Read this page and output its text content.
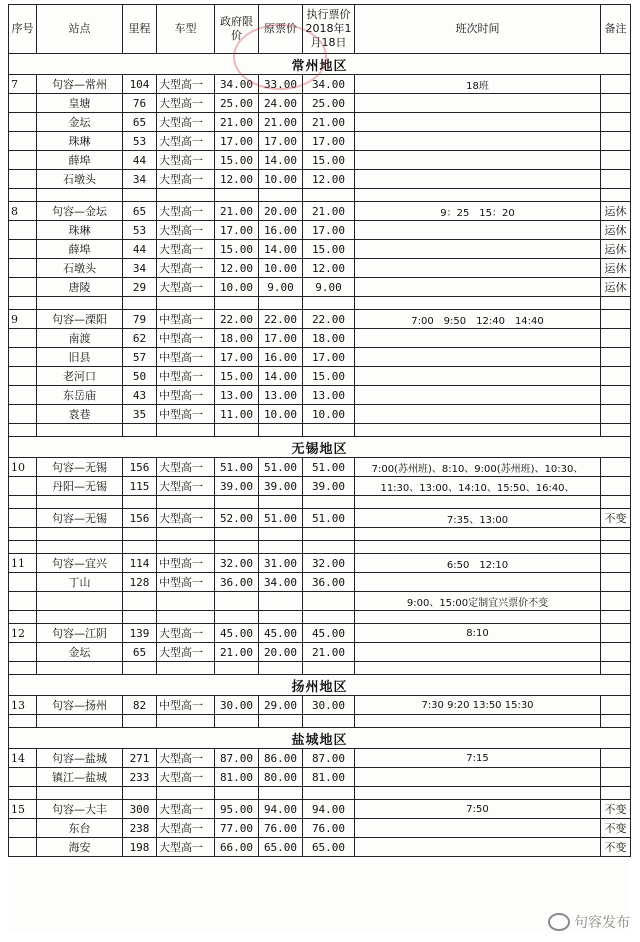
序号	站点	里程	车型	政府限价	原票价	执行票价2018年1月18日	班次时间	备注
常州地区								
7	句容—常州	104	大型高一	34.00	33.00	34.00	18班	
	皇塘	76	大型高一	25.00	24.00	25.00		
	金坛	65	大型高一	21.00	21.00	21.00		
	珠琳	53	大型高一	17.00	17.00	17.00		
	薛埠	44	大型高一	15.00	14.00	15.00		
	石墩头	34	大型高一	12.00	10.00	12.00		

8	句容—金坛	65	大型高一	21.00	20.00	21.00	9：25　15：20	运休
	珠琳	53	大型高一	17.00	16.00	17.00		运休
	薛埠	44	大型高一	15.00	14.00	15.00		运休
	石墩头	34	大型高一	12.00	10.00	12.00		运休
	唐陵	29	大型高一	10.00	9.00	9.00		运休

9	句容—溧阳	79	中型高一	22.00	22.00	22.00	7:00　9:50　12:40　14:40	
	南渡	62	中型高一	18.00	17.00	18.00		
	旧县	57	中型高一	17.00	16.00	17.00		
	老河口	50	中型高一	15.00	14.00	15.00		
	东岳庙	43	中型高一	13.00	13.00	13.00		
	袁巷	35	中型高一	11.00	10.00	10.00		

无锡地区								
10	句容—无锡	156	大型高一	51.00	51.00	51.00	7:00(苏州班)、8:10、9:00(苏州班)、10:30、	
	丹阳—无锡	115	大型高一	39.00	39.00	39.00	11:30、13:00、14:10、15:50、16:40、	

	句容—无锡	156	大型高一	52.00	51.00	51.00	7:35、13:00	不变

11	句容—宜兴	114	中型高一	32.00	31.00	32.00	6:50　12:10	
	丁山	128	中型高一	36.00	34.00	36.00		
							9:00、15:00定制宜兴票价不变	

12	句容—江阴	139	大型高一	45.00	45.00	45.00	8:10	
	金坛	65	大型高一	21.00	20.00	21.00		

扬州地区								
13	句容—扬州	82	中型高一	30.00	29.00	30.00	7:30 9:20 13:50 15:30	

盐城地区								
14	句容—盐城	271	大型高一	87.00	86.00	87.00	7:15	
	镇江—盐城	233	大型高一	81.00	80.00	81.00		

15	句容—大丰	300	大型高一	95.00	94.00	94.00	7:50	不变
	东台	238	大型高一	77.00	76.00	76.00		不变
	海安	198	大型高一	66.00	65.00	65.00		不变
句容发布
